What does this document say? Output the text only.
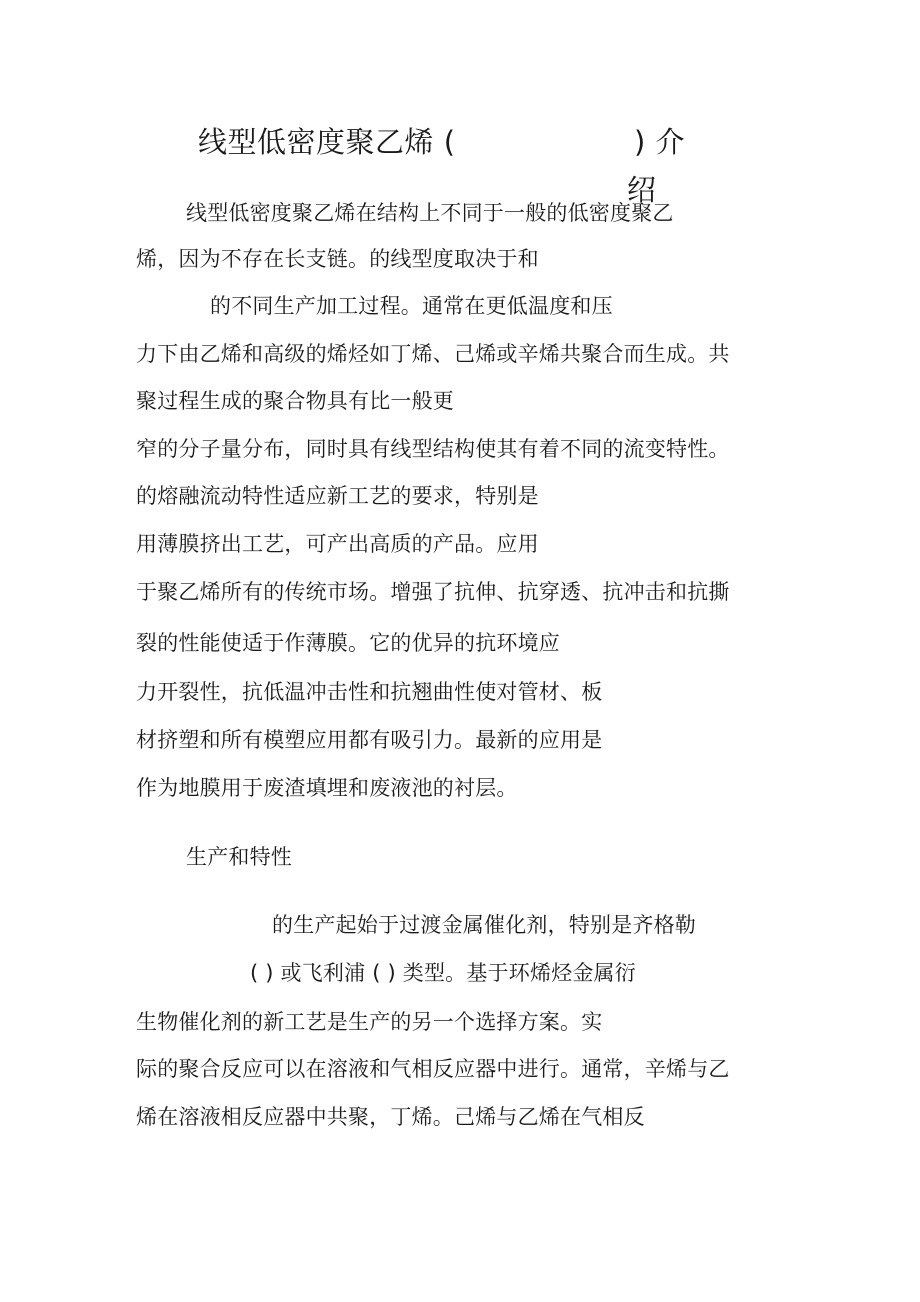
线型低密度聚乙烯 (	) 介
绍
线型低密度聚乙烯在结构上不同于一般的低密度聚乙
烯，因为不存在长支链。的线型度取决于和
的不同生产加工过程。通常在更低温度和压
力下由乙烯和高级的烯烃如丁烯、己烯或辛烯共聚合而生成。共
聚过程生成的聚合物具有比一般更
窄的分子量分布，同时具有线型结构使其有着不同的流变特性。
的熔融流动特性适应新工艺的要求，特别是
用薄膜挤出工艺，可产出高质的产品。应用
于聚乙烯所有的传统市场。增强了抗伸、抗穿透、抗冲击和抗撕
裂的性能使适于作薄膜。它的优异的抗环境应
力开裂性，抗低温冲击性和抗翘曲性使对管材、板
材挤塑和所有模塑应用都有吸引力。最新的应用是
作为地膜用于废渣填埋和废液池的衬层。
生产和特性
的生产起始于过渡金属催化剂，特别是齐格勒
( ) 或飞利浦 ( ) 类型。基于环烯烃金属衍
生物催化剂的新工艺是生产的另一个选择方案。实
际的聚合反应可以在溶液和气相反应器中进行。通常，辛烯与乙
烯在溶液相反应器中共聚，丁烯。己烯与乙烯在气相反
